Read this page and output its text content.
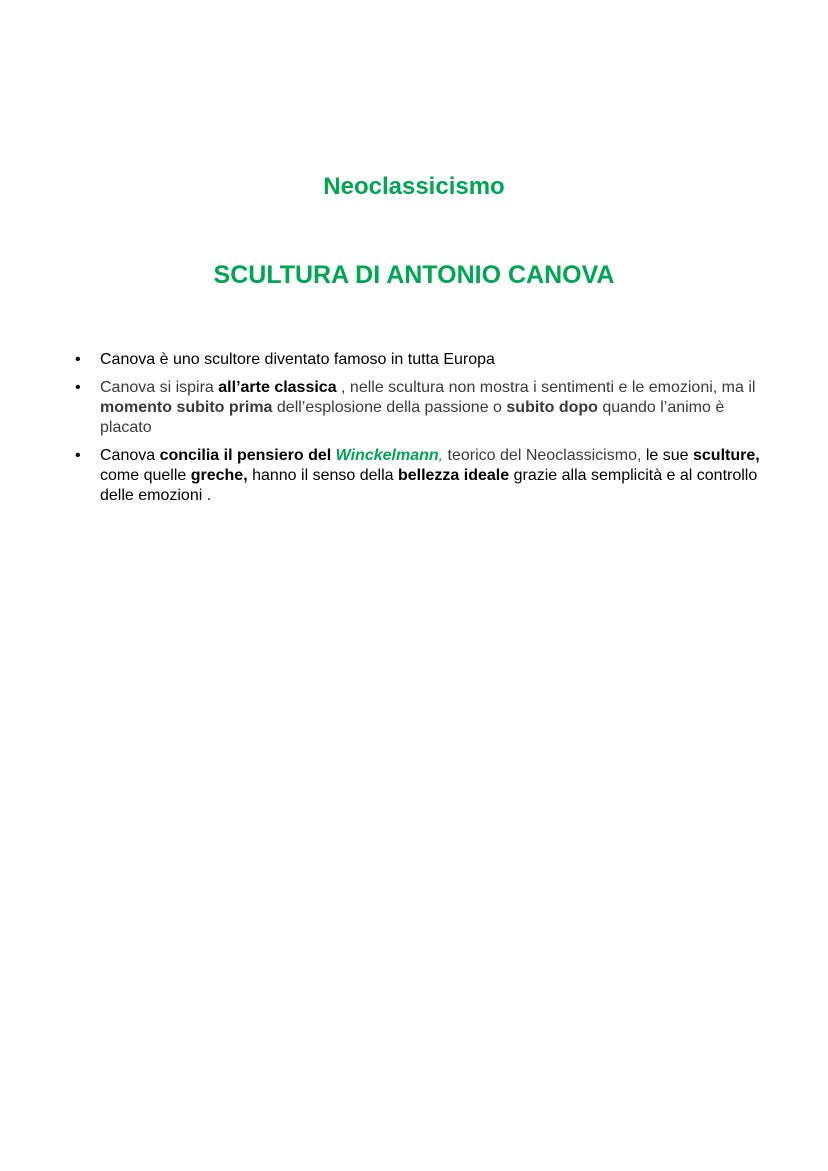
Neoclassicismo
SCULTURA DI ANTONIO CANOVA
• Canova è uno scultore diventato famoso in tutta Europa
• Canova si ispira all’arte classica , nelle scultura non mostra i sentimenti e le emozioni, ma il momento subito prima dell’esplosione della passione o subito dopo quando l’animo è placato
• Canova concilia il pensiero del Winckelmann, teorico del Neoclassicismo, le sue sculture, come quelle greche, hanno il senso della bellezza ideale grazie alla semplicità e al controllo delle emozioni .
